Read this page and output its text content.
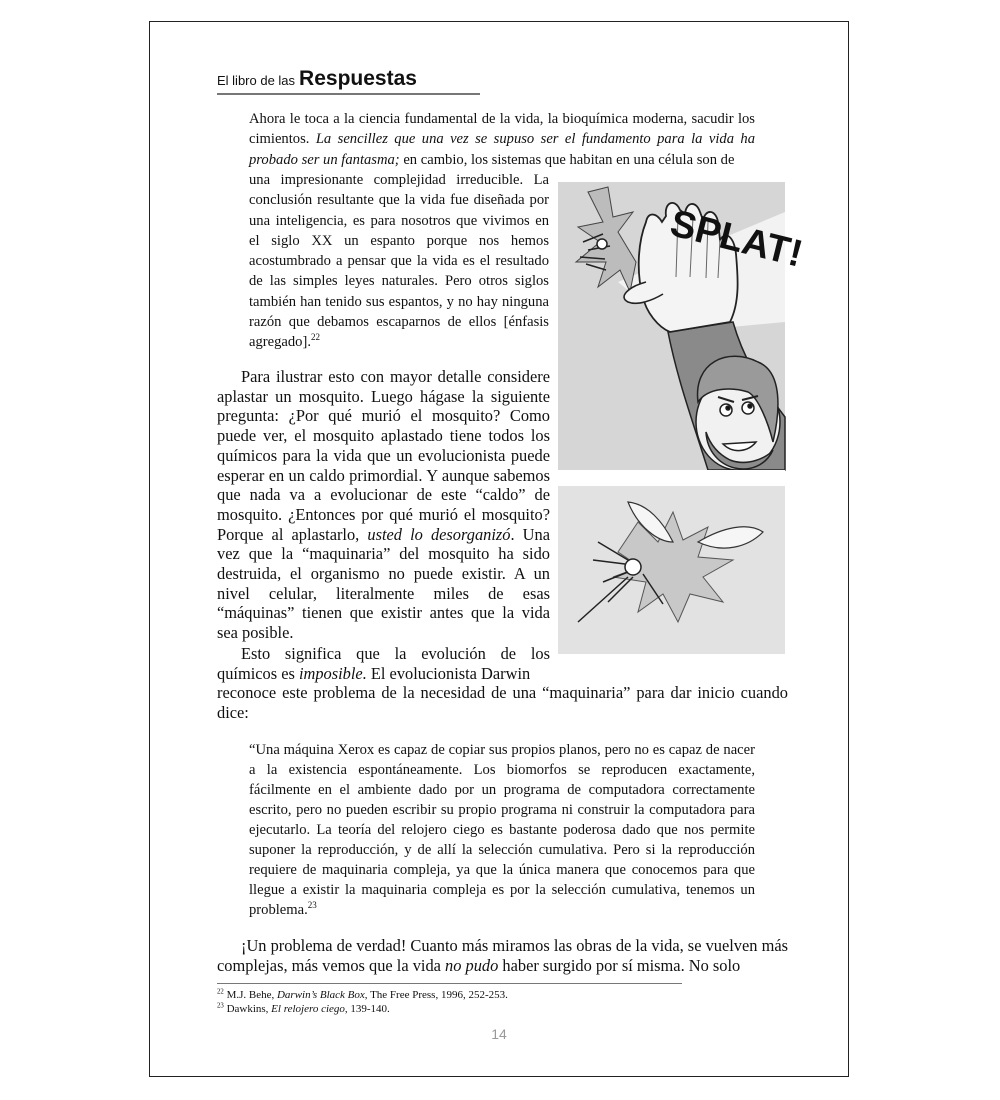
El libro de las Respuestas
Ahora le toca a la ciencia fundamental de la vida, la bioquímica moderna, sacudir los cimientos. La sencillez que una vez se supuso ser el fundamento para la vida ha probado ser un fantasma; en cambio, los sistemas que habitan en una célula son de
una impresionante complejidad irreducible. La conclusión resultante que la vida fue diseñada por una inteligencia, es para nosotros que vivimos en el siglo XX un espanto porque nos hemos acostumbrado a pensar que la vida es el resultado de las simples leyes naturales. Pero otros siglos también han tenido sus espantos, y no hay ninguna razón que debamos escaparnos de ellos [énfasis agregado].$^{22}$
Para ilustrar esto con mayor detalle considere aplastar un mosquito. Luego hágase la siguiente pregunta: ¿Por qué murió el mosquito? Como puede ver, el mosquito aplastado tiene todos los químicos para la vida que un evolucionista puede esperar en un caldo primordial. Y aunque sabemos que nada va a evolucionar de este “caldo” de mosquito. ¿Entonces por qué murió el mosquito? Porque al aplastarlo, usted lo desorganizó. Una vez que la “maquinaria” del mosquito ha sido destruida, el organismo no puede existir. A un nivel celular, literalmente miles de esas “máquinas” tienen que existir antes que la vida sea posible.
Esto significa que la evolución de los químicos es imposible. El evolucionista Darwin
reconoce este problema de la necesidad de una “maquinaria” para dar inicio cuando dice:
“Una máquina Xerox es capaz de copiar sus propios planos, pero no es capaz de nacer a la existencia espontáneamente. Los biomorfos se reproducen exactamente, fácilmente en el ambiente dado por un programa de computadora correctamente escrito, pero no pueden escribir su propio programa ni construir la computadora para ejecutarlo. La teoría del relojero ciego es bastante poderosa dado que nos permite suponer la reproducción, y de allí la selección cumulativa. Pero si la reproducción requiere de maquinaria compleja, ya que la única manera que conocemos para que llegue a existir la maquinaria compleja es por la selección cumulativa, tenemos un problema.$^{23}$
¡Un problema de verdad! Cuanto más miramos las obras de la vida, se vuelven más complejas, más vemos que la vida no pudo haber surgido por sí misma. No solo
$^{22}$ M.J. Behe, Darwin’s Black Box, The Free Press, 1996, 252-253.
$^{23}$ Dawkins, El relojero ciego, 139-140.
14
SPLAT!
